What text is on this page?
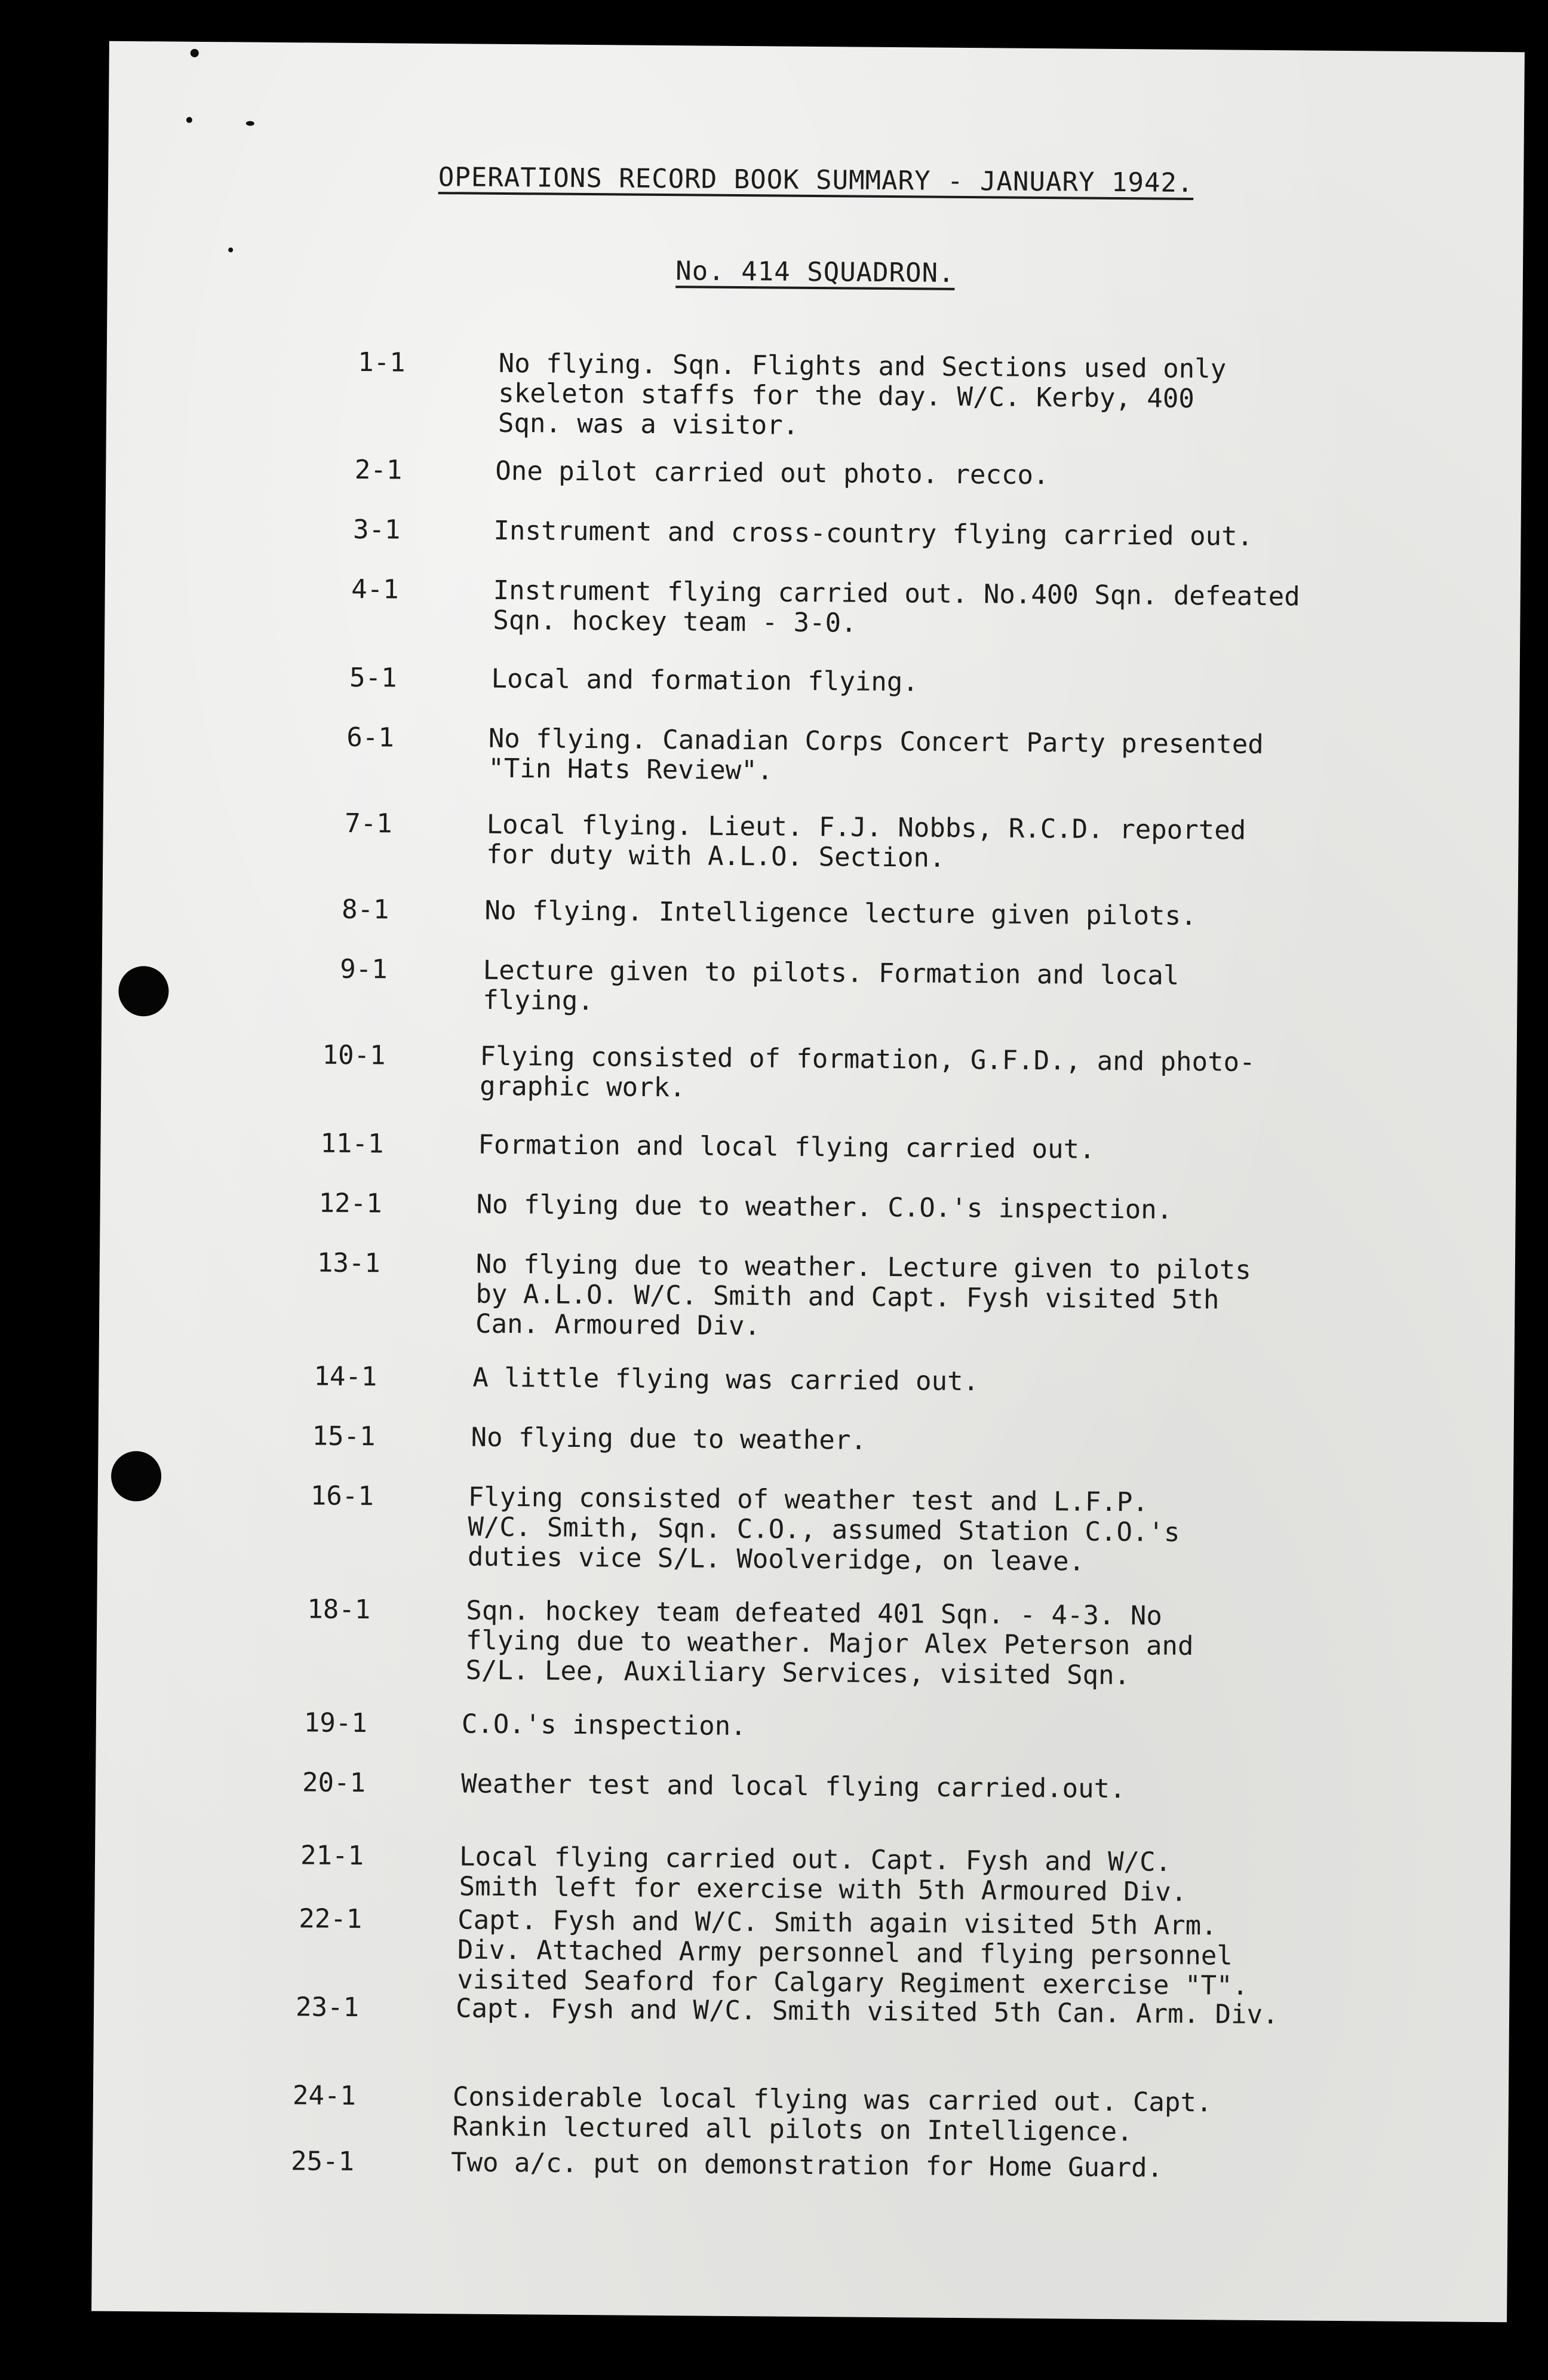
OPERATIONS RECORD BOOK SUMMARY - JANUARY 1942.
No. 414 SQUADRON.
1-1	No flying. Sqn. Flights and Sections used only
skeleton staffs for the day. W/C. Kerby, 400
Sqn. was a visitor.
2-1	One pilot carried out photo. recco.
3-1	Instrument and cross-country flying carried out.
4-1	Instrument flying carried out. No.400 Sqn. defeated
Sqn. hockey team - 3-0.
5-1	Local and formation flying.
6-1	No flying. Canadian Corps Concert Party presented
"Tin Hats Review".
7-1	Local flying. Lieut. F.J. Nobbs, R.C.D. reported
for duty with A.L.O. Section.
8-1	No flying. Intelligence lecture given pilots.
9-1	Lecture given to pilots. Formation and local
flying.
10-1	Flying consisted of formation, G.F.D., and photo-
graphic work.
11-1	Formation and local flying carried out.
12-1	No flying due to weather. C.O.'s inspection.
13-1	No flying due to weather. Lecture given to pilots
by A.L.O. W/C. Smith and Capt. Fysh visited 5th
Can. Armoured Div.
14-1	A little flying was carried out.
15-1	No flying due to weather.
16-1	Flying consisted of weather test and L.F.P.
W/C. Smith, Sqn. C.O., assumed Station C.O.'s
duties vice S/L. Woolveridge, on leave.
18-1	Sqn. hockey team defeated 401 Sqn. - 4-3. No
flying due to weather. Major Alex Peterson and
S/L. Lee, Auxiliary Services, visited Sqn.
19-1	C.O.'s inspection.
20-1	Weather test and local flying carried.out.
21-1	Local flying carried out. Capt. Fysh and W/C.
Smith left for exercise with 5th Armoured Div.
22-1	Capt. Fysh and W/C. Smith again visited 5th Arm.
Div. Attached Army personnel and flying personnel
visited Seaford for Calgary Regiment exercise "T".
23-1	Capt. Fysh and W/C. Smith visited 5th Can. Arm. Div.
24-1	Considerable local flying was carried out. Capt.
Rankin lectured all pilots on Intelligence.
25-1	Two a/c. put on demonstration for Home Guard.
